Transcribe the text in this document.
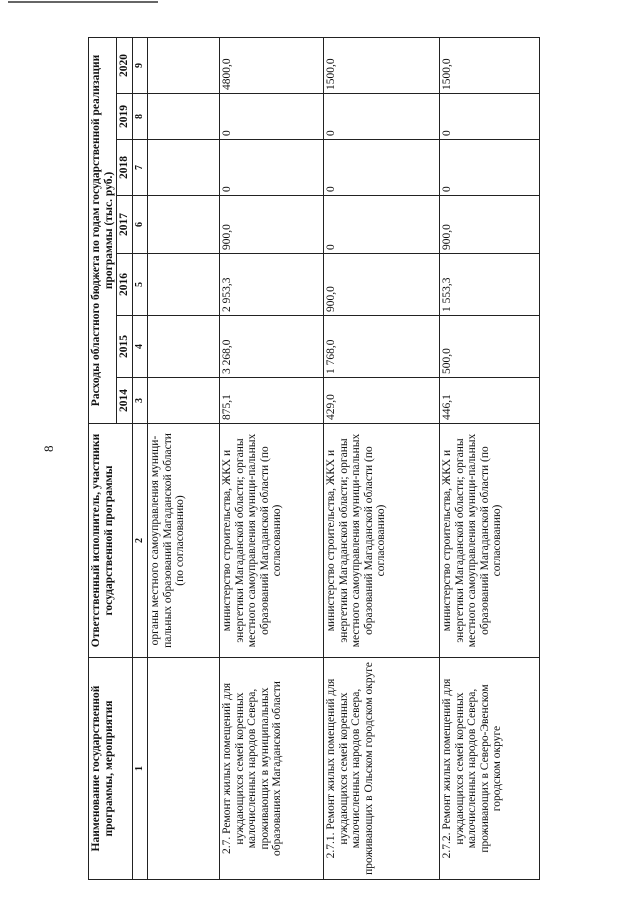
8
Наименование государственной программы, мероприятия	Ответственный исполнитель, участники государственной программы	Расходы областного бюджета по годам государственной реализации программы (тыс. руб.)						
		2014	2015	2016	2017	2018	2019	2020
1	2	3	4	5	6	7	8	9
	органы местного самоуправления муници-пальных образований Магаданской области (по согласованию)							
2.7. Ремонт жилых помещений для нуждающихся семей коренных малочисленных народов Севера, проживающих в муниципальных образованиях Магаданской области	министерство строительства, ЖКХ и энергетики Магаданской области; органы местного самоуправления муници-пальных образований Магаданской области (по согласованию)	875,1	3 268,0	2 953,3	900,0	0	0	4800,0
2.7.1. Ремонт жилых помещений для нуждающихся семей коренных малочисленных народов Севера, проживающих в Ольском городском округе	министерство строительства, ЖКХ и энергетики Магаданской области; органы местного самоуправления муници-пальных образований Магаданской области (по согласованию)	429,0	1 768,0	900,0	0	0	0	1500,0
2.7.2. Ремонт жилых помещений для нуждающихся семей коренных малочисленных народов Севера, проживающих в Северо-Эвенском городском округе	министерство строительства, ЖКХ и энергетики Магаданской области; органы местного самоуправления муници-пальных образований Магаданской области (по согласованию)	446,1	500,0	1 553,3	900,0	0	0	1500,0
